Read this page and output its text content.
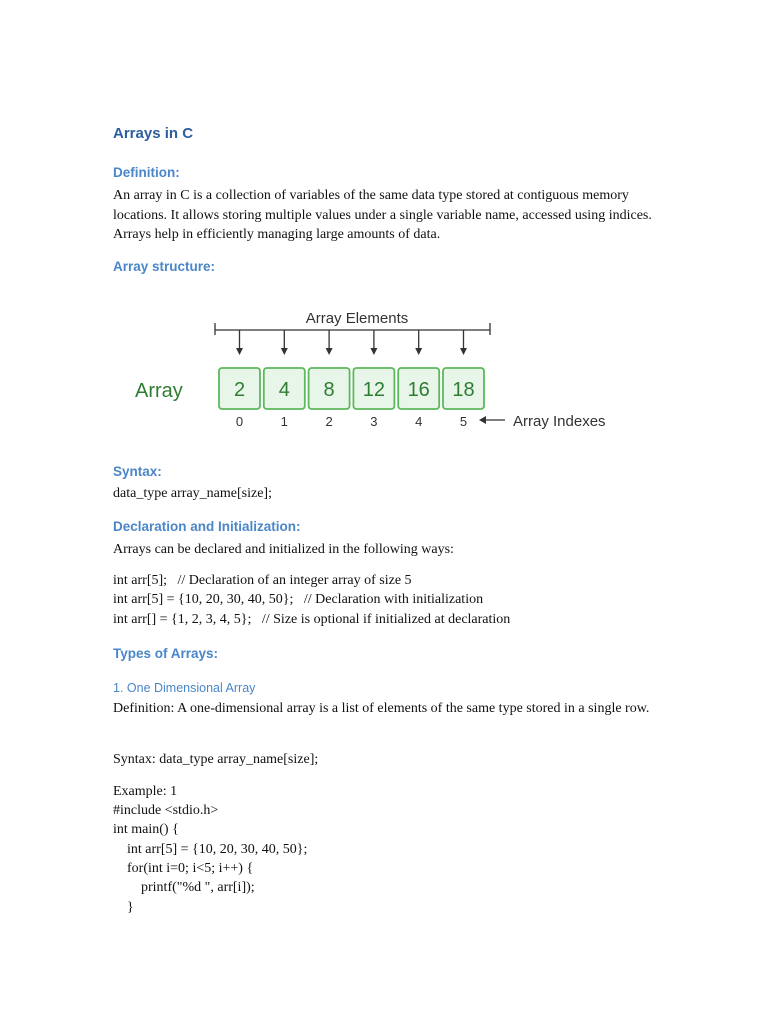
Arrays in C
Definition:
An array in C is a collection of variables of the same data type stored at contiguous memory locations. It allows storing multiple values under a single variable name, accessed using indices. Arrays help in efficiently managing large amounts of data.
Array structure:
Array Elements
Array	2 4 8 12 16 18
0	1	2	3	4	5	Array Indexes
Syntax:
data_type array_name[size];
Declaration and Initialization:
Arrays can be declared and initialized in the following ways:
int arr[5];   // Declaration of an integer array of size 5
int arr[5] = {10, 20, 30, 40, 50};   // Declaration with initialization
int arr[] = {1, 2, 3, 4, 5};   // Size is optional if initialized at declaration
Types of Arrays:
1. One Dimensional Array
Definition: A one-dimensional array is a list of elements of the same type stored in a single row.
Syntax: data_type array_name[size];
Example: 1
#include <stdio.h>
int main() {
int arr[5] = {10, 20, 30, 40, 50};
for(int i=0; i<5; i++) {
printf("%d ", arr[i]);
}
